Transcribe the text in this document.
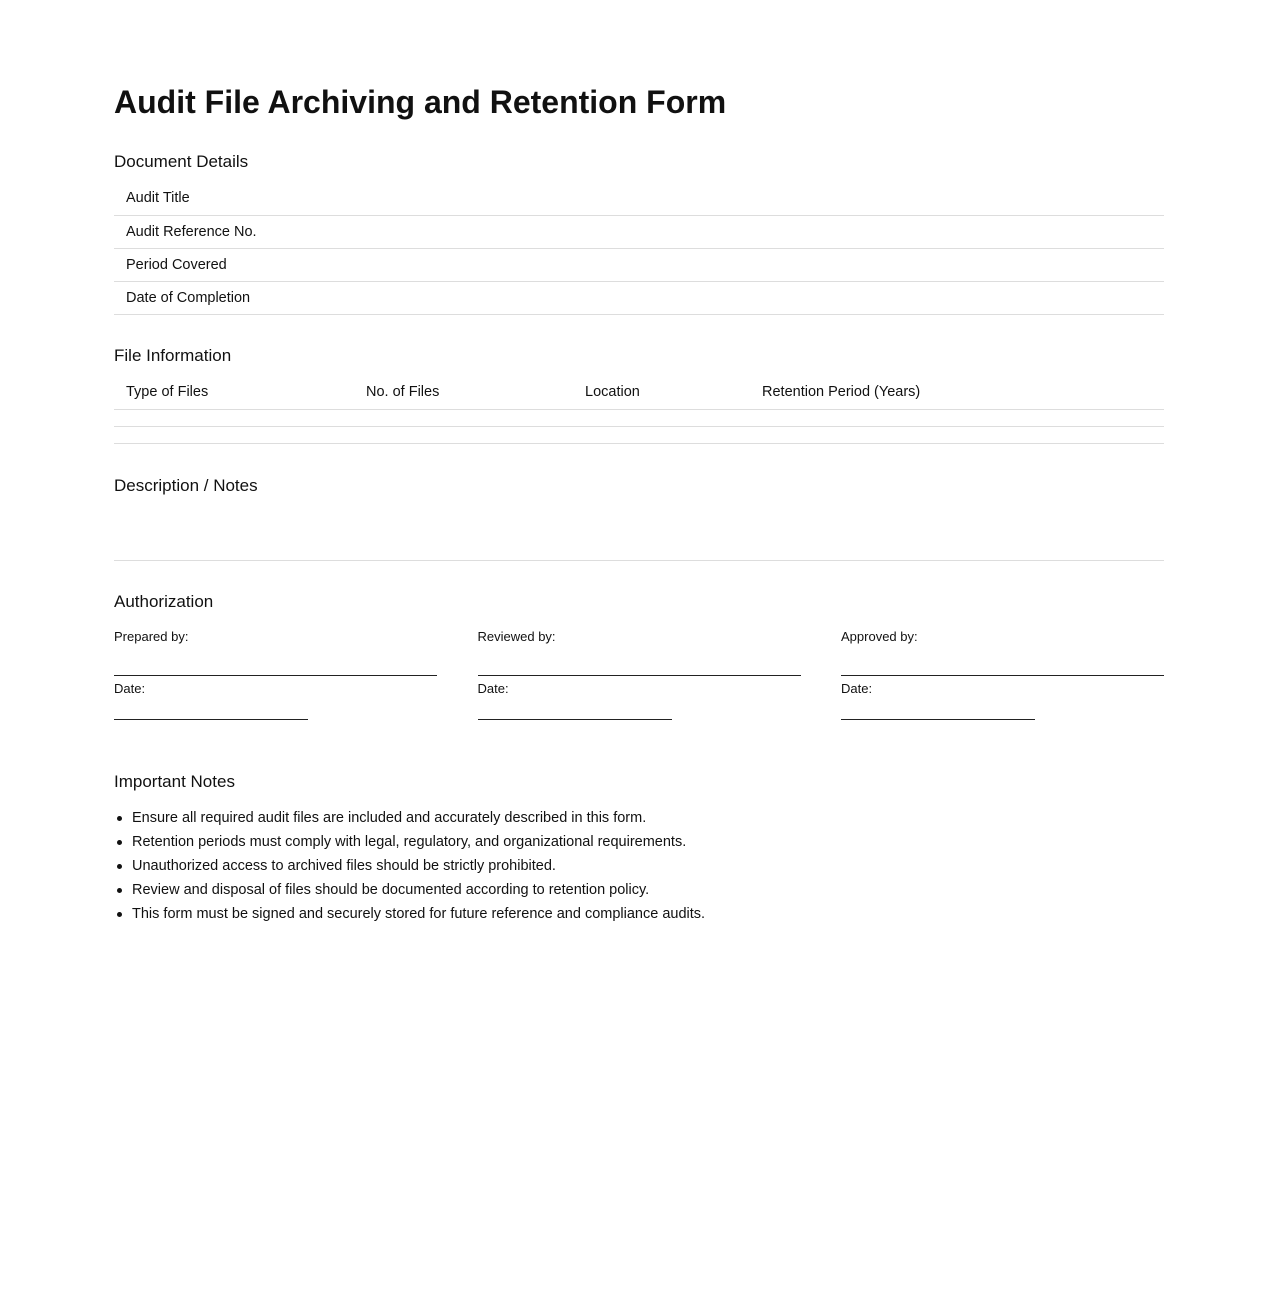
Audit File Archiving and Retention Form
Document Details
Audit Title
Audit Reference No.
Period Covered
Date of Completion
File Information
Type of Files	No. of Files	Location	Retention Period (Years)

Description / Notes
Authorization
Prepared by:
Date:
Reviewed by:
Date:
Approved by:
Date:
Important Notes
Ensure all required audit files are included and accurately described in this form.
Retention periods must comply with legal, regulatory, and organizational requirements.
Unauthorized access to archived files should be strictly prohibited.
Review and disposal of files should be documented according to retention policy.
This form must be signed and securely stored for future reference and compliance audits.
